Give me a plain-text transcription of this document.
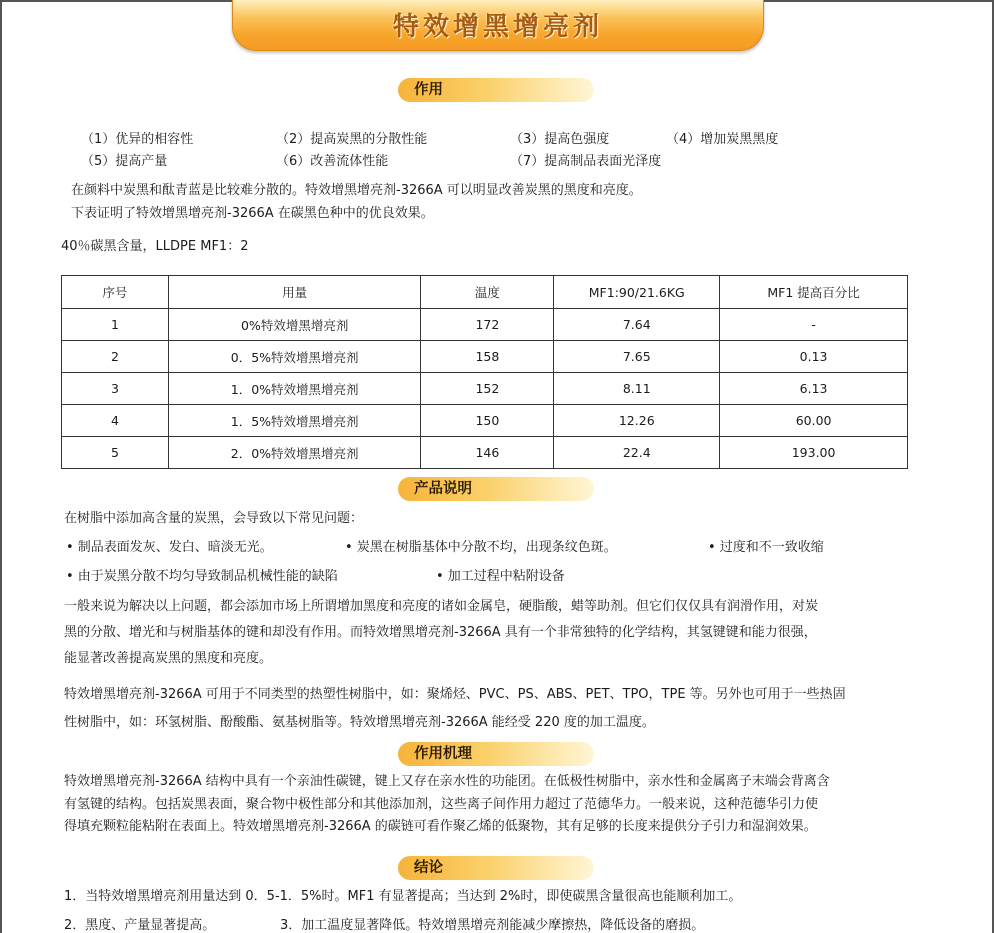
特效增黑增亮剂
作用
（1）优异的相容性	（2）提高炭黑的分散性能	（3）提高色强度	（4）增加炭黑黑度
（5）提高产量	（6）改善流体性能	（7）提高制品表面光泽度
在颜料中炭黑和酞青蓝是比较难分散的。特效增黑增亮剂-3266A 可以明显改善炭黑的黑度和亮度。
下表证明了特效增黑增亮剂-3266A 在碳黑色种中的优良效果。
40％碳黑含量，LLDPE MF1：2
序号	用量	温度	MF1:90/21.6KG	MF1 提高百分比
1	0%特效增黑增亮剂	172	7.64	-
2	0．5%特效增黑增亮剂	158	7.65	0.13
3	1．0%特效增黑增亮剂	152	8.11	6.13
4	1．5%特效增黑增亮剂	150	12.26	60.00
5	2．0%特效增黑增亮剂	146	22.4	193.00
产品说明
在树脂中添加高含量的炭黑，会导致以下常见问题：
• 制品表面发灰、发白、暗淡无光。	• 炭黑在树脂基体中分散不均，出现条纹色斑。	• 过度和不一致收缩
• 由于炭黑分散不均匀导致制品机械性能的缺陷	• 加工过程中粘附设备
一般来说为解决以上问题，都会添加市场上所谓增加黑度和亮度的诸如金属皂，硬脂酸，蜡等助剂。但它们仅仅具有润滑作用，对炭
黑的分散、增光和与树脂基体的键和却没有作用。而特效增黑增亮剂-3266A 具有一个非常独特的化学结构，其氢键键和能力很强，
能显著改善提高炭黑的黑度和亮度。
特效增黑增亮剂-3266A 可用于不同类型的热塑性树脂中，如：聚烯烃、PVC、PS、ABS、PET、TPO，TPE 等。另外也可用于一些热固
性树脂中，如：环氢树脂、酚酸酯、氨基树脂等。特效增黑增亮剂-3266A 能经受 220 度的加工温度。
作用机理
特效增黑增亮剂-3266A 结构中具有一个亲油性碳键，键上又存在亲水性的功能团。在低极性树脂中，亲水性和金属离子末端会背离含
有氢键的结构。包括炭黑表面，聚合物中极性部分和其他添加剂，这些离子间作用力超过了范德华力。一般来说，这种范德华引力使
得填充颗粒能粘附在表面上。特效增黑增亮剂-3266A 的碳链可看作聚乙烯的低聚物，其有足够的长度来提供分子引力和湿润效果。
结论
1．当特效增黑增亮剂用量达到 0．5-1．5%时。MF1 有显著提高；当达到 2%时，即使碳黑含量很高也能顺利加工。
2．黑度、产量显著提高。	3．加工温度显著降低。特效增黑增亮剂能减少摩擦热，降低设备的磨损。
